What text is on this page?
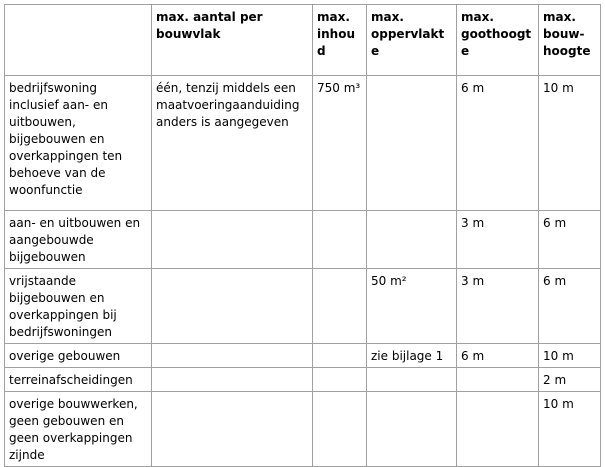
	max. aantal per bouwvlak	max. inhoud	max. oppervlakte	max. goothoogte	max. bouw-hoogte
bedrijfswoning inclusief aan- en uitbouwen, bijgebouwen en overkappingen ten behoeve van de woonfunctie	één, tenzij middels een maatvoeringaanduiding anders is aangegeven	750 m³		6 m	10 m
aan- en uitbouwen en aangebouwde bijgebouwen				3 m	6 m
vrijstaande bijgebouwen en overkappingen bij bedrijfswoningen			50 m²	3 m	6 m
overige gebouwen			zie bijlage 1	6 m	10 m
terreinafscheidingen					2 m
overige bouwwerken, geen gebouwen en geen overkappingen zijnde					10 m
